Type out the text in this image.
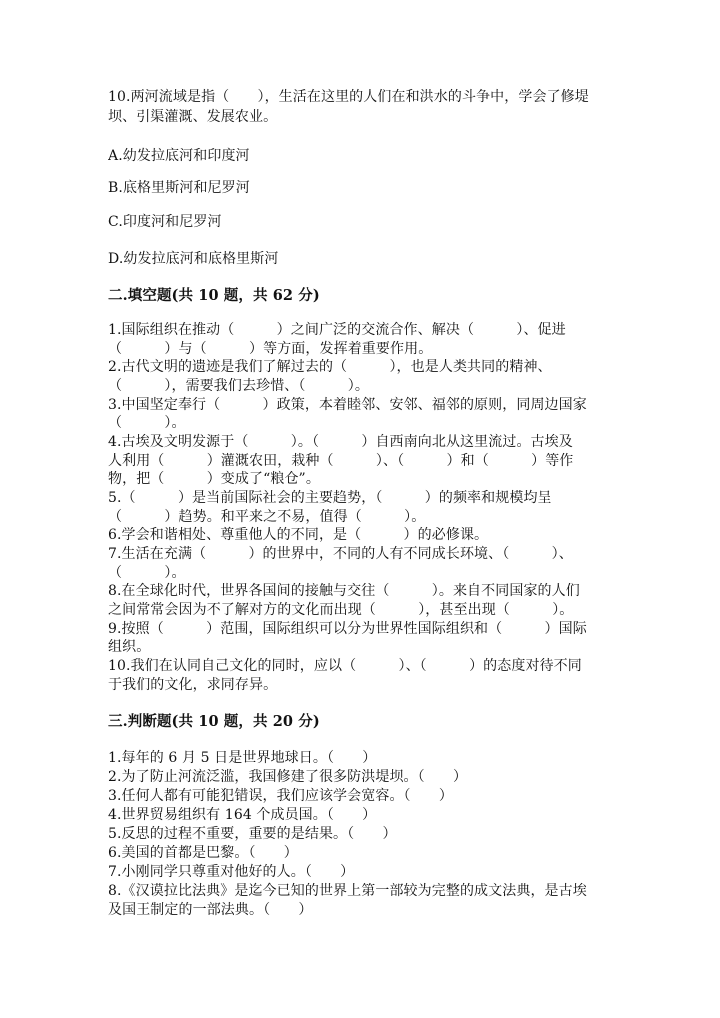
10.两河流域是指（　　），生活在这里的人们在和洪水的斗争中，学会了修堤
坝、引渠灌溉、发展农业。
A.幼发拉底河和印度河
B.底格里斯河和尼罗河
C.印度河和尼罗河
D.幼发拉底河和底格里斯河
二.填空题(共 10 题，共 62 分)
1.国际组织在推动（　　　）之间广泛的交流合作、解决（　　　）、促进
（　　　）与（　　　）等方面，发挥着重要作用。
2.古代文明的遗迹是我们了解过去的（　　　），也是人类共同的精神、
（　　　），需要我们去珍惜、（　　　）。
3.中国坚定奉行（　　　）政策，本着睦邻、安邻、福邻的原则，同周边国家
（　　　）。
4.古埃及文明发源于（　　　）。（　　　）自西南向北从这里流过。古埃及
人利用（　　　）灌溉农田，栽种（　　　）、（　　　）和（　　　）等作
物，把（　　　）变成了“粮仓”。
5.（　　　）是当前国际社会的主要趋势，（　　　）的频率和规模均呈
（　　　）趋势。和平来之不易，值得（　　　）。
6.学会和谐相处、尊重他人的不同，是（　　　）的必修课。
7.生活在充满（　　　）的世界中，不同的人有不同成长环境、（　　　）、
（　　　）。
8.在全球化时代，世界各国间的接触与交往（　　　）。来自不同国家的人们
之间常常会因为不了解对方的文化而出现（　　　），甚至出现（　　　）。
9.按照（　　　）范围，国际组织可以分为世界性国际组织和（　　　）国际
组织。
10.我们在认同自己文化的同时，应以（　　　）、（　　　）的态度对待不同
于我们的文化，求同存异。
三.判断题(共 10 题，共 20 分)
1.每年的 6 月 5 日是世界地球日。（　　）
2.为了防止河流泛滥，我国修建了很多防洪堤坝。（　　）
3.任何人都有可能犯错误，我们应该学会宽容。（　　）
4.世界贸易组织有 164 个成员国。（　　）
5.反思的过程不重要，重要的是结果。（　　）
6.美国的首都是巴黎。（　　）
7.小刚同学只尊重对他好的人。（　　）
8.《汉谟拉比法典》是迄今已知的世界上第一部较为完整的成文法典，是古埃
及国王制定的一部法典。（　　）
